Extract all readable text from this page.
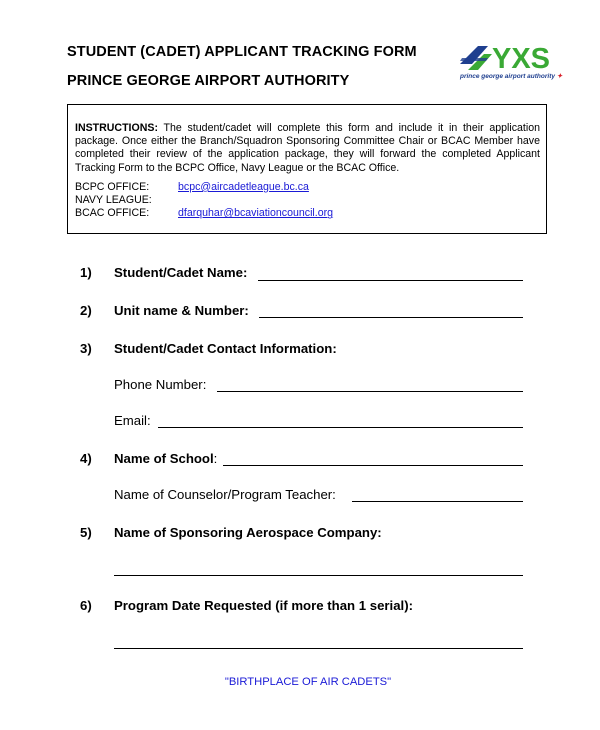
STUDENT (CADET) APPLICANT TRACKING FORM
PRINCE GEORGE AIRPORT AUTHORITY
YXS
prince george airport authority ✦

INSTRUCTIONS: The student/cadet will complete this form and include it in their application package. Once either the Branch/Squadron Sponsoring Committee Chair or BCAC Member have completed their review of the application package, they will forward the completed Applicant Tracking Form to the BCPC Office, Navy League or the BCAC Office.

BCPC OFFICE:	bcpc@aircadetleague.bc.ca
NAVY LEAGUE:
BCAC OFFICE:	dfarquhar@bcaviationcouncil.org
1) Student/Cadet Name:
2) Unit name & Number:
3) Student/Cadet Contact Information:
Phone Number:
Email:
4) Name of School:
Name of Counselor/Program Teacher:
5) Name of Sponsoring Aerospace Company:
6) Program Date Requested (if more than 1 serial):
"BIRTHPLACE OF AIR CADETS"
